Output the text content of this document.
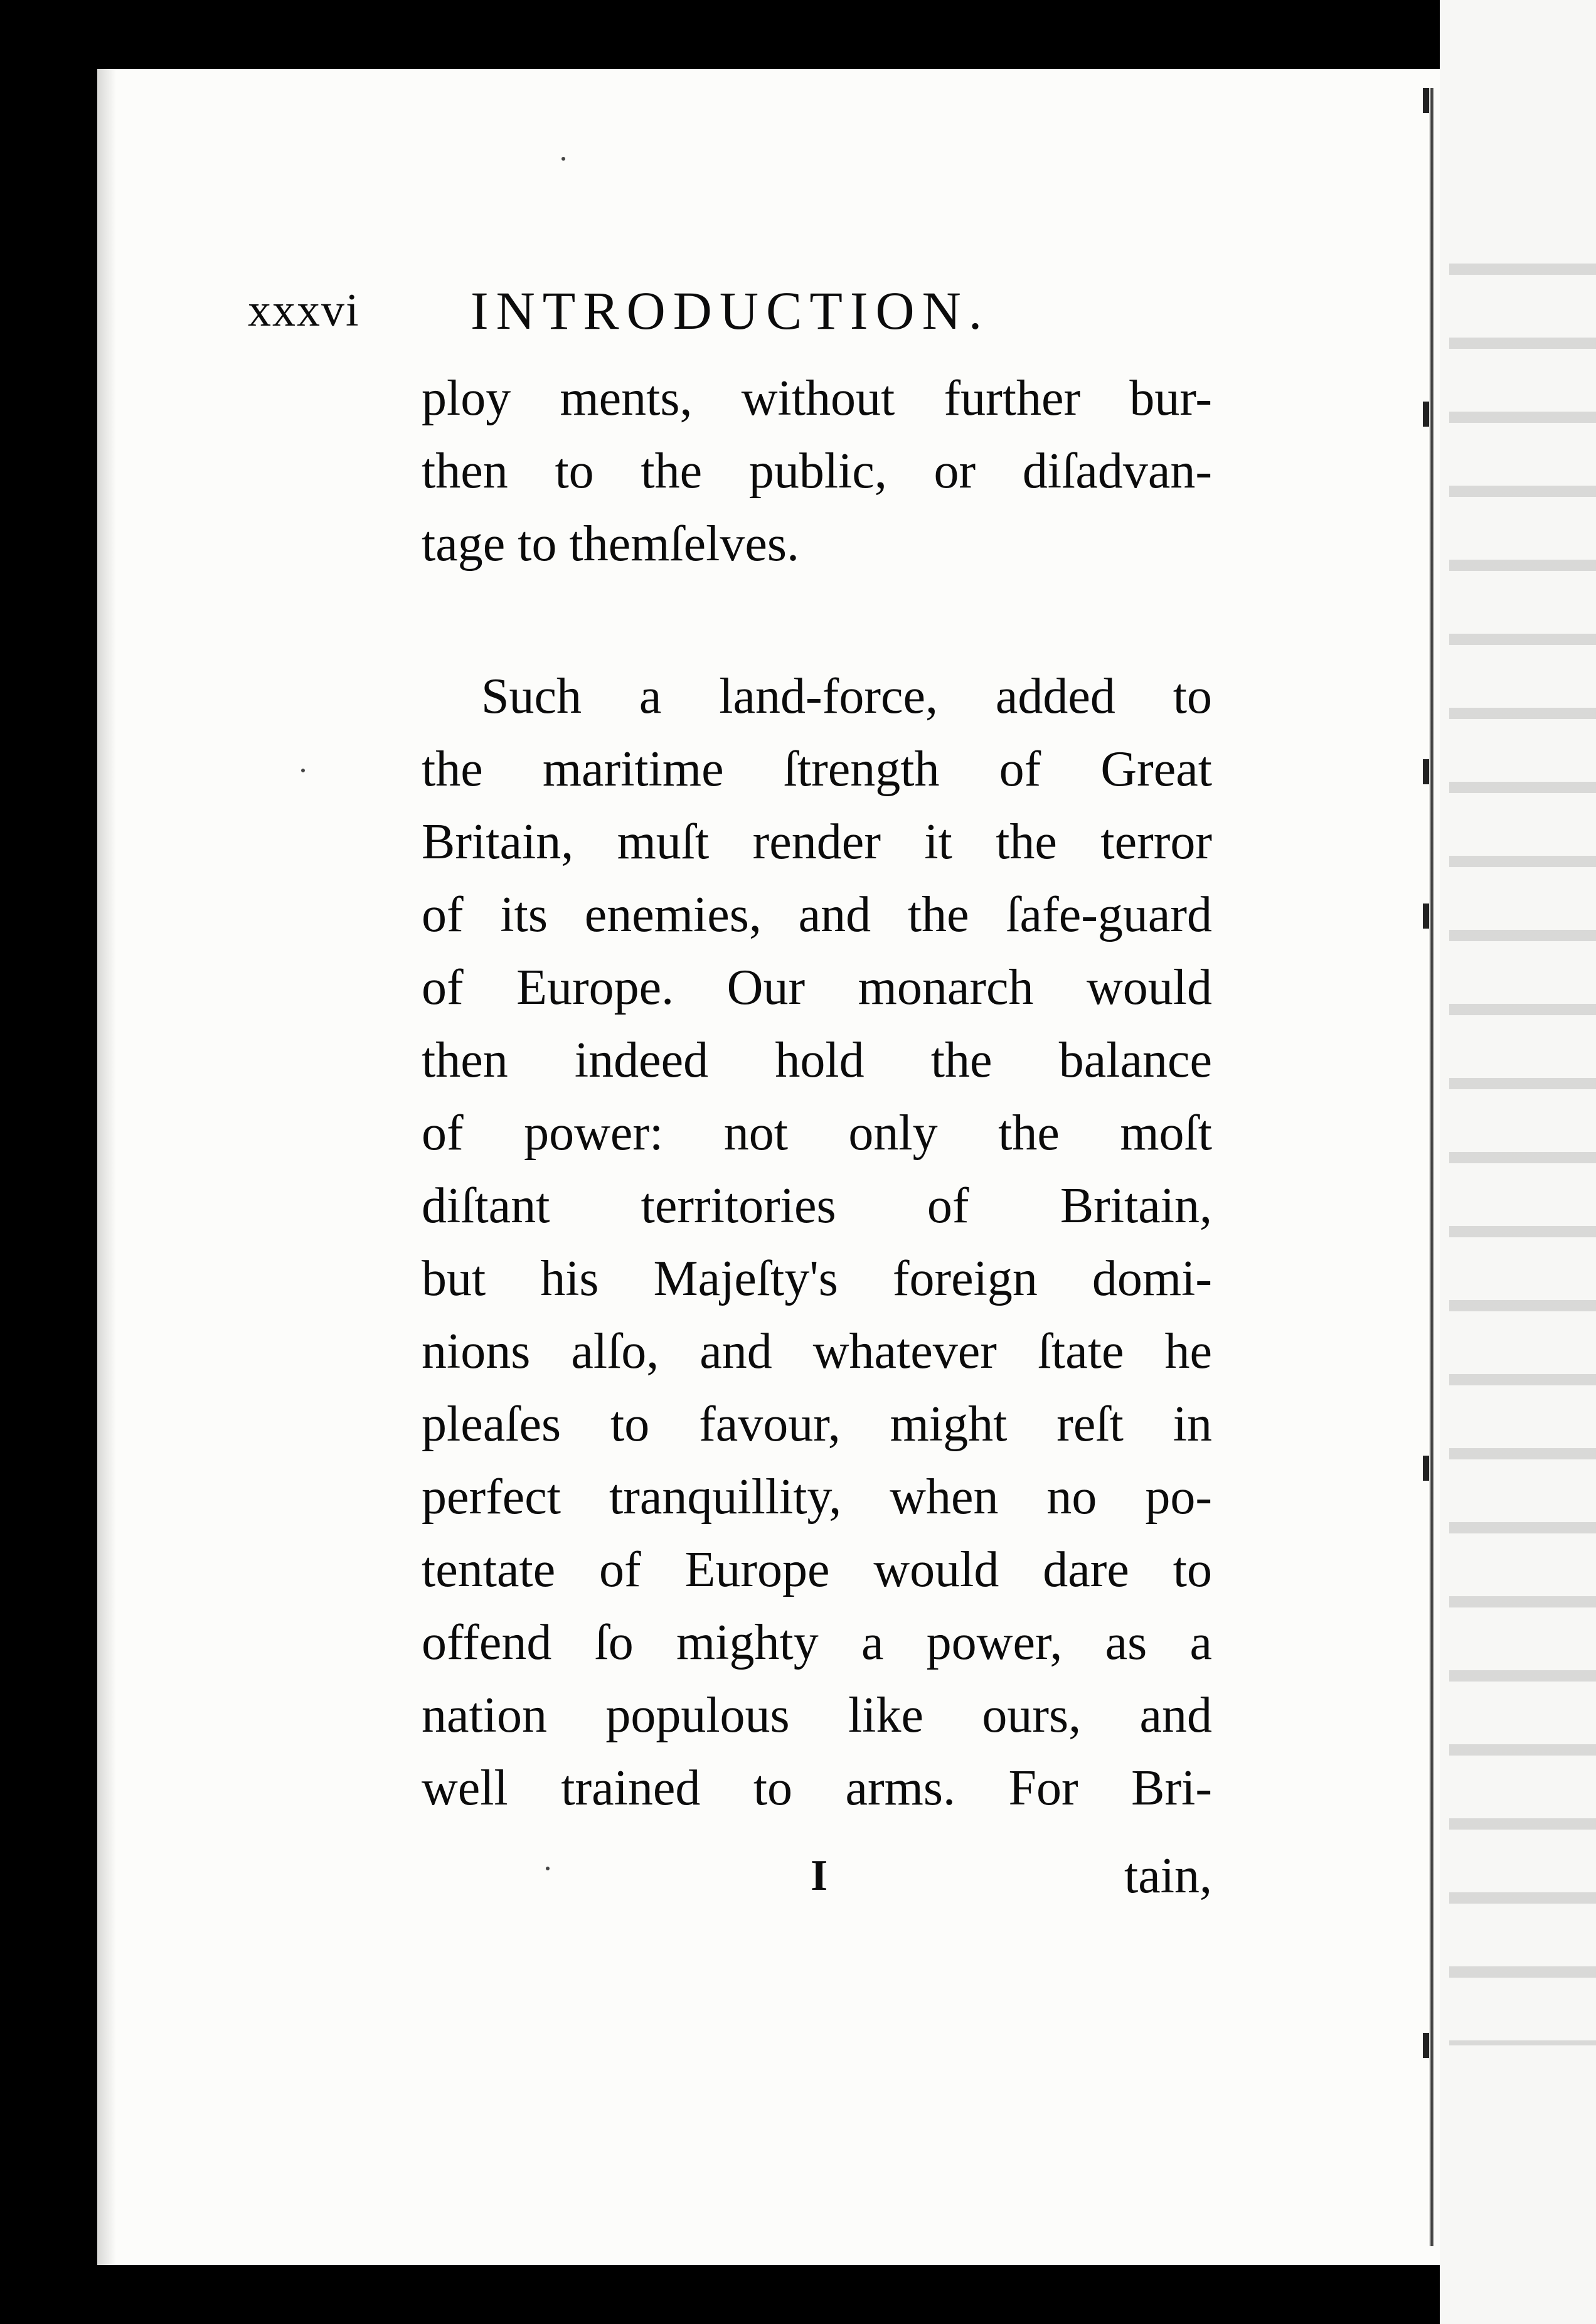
xxxvi INTRODUCTION.
ploy ments, without further bur-
then to the public, or diſadvan-
tage to themſelves.
Such a land-force, added to
the maritime ſtrength of Great
Britain, muſt render it the terror
of its enemies, and the ſafe-guard
of Europe. Our monarch would
then indeed hold the balance
of power: not only the moſt
diſtant territories of Britain,
but his Majeſty's foreign domi-
nions alſo, and whatever ſtate he
pleaſes to favour, might reſt in
perfect tranquillity, when no po-
tentate of Europe would dare to
offend ſo mighty a power, as a
nation populous like ours, and
well trained to arms. For Bri-
I	tain,
